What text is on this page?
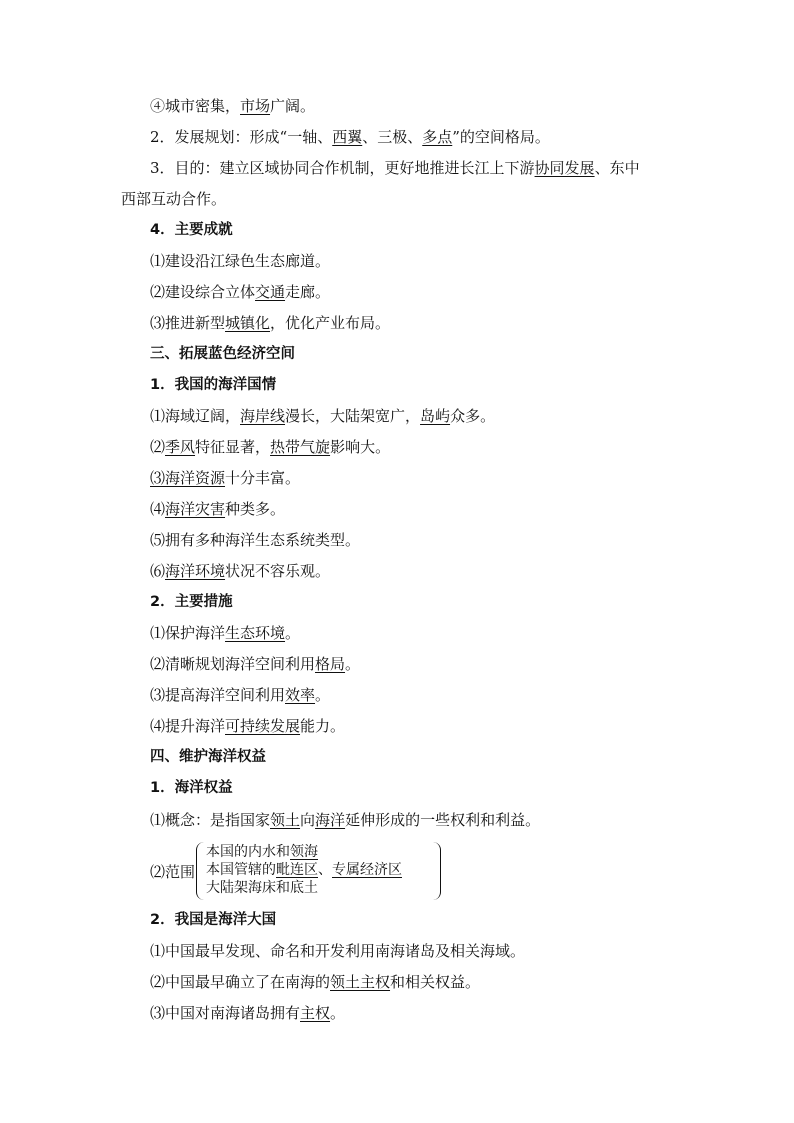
④城市密集，市场广阔。
2．发展规划：形成“一轴、西翼、三极、多点”的空间格局。
3．目的：建立区域协同合作机制，更好地推进长江上下游协同发展、东中
西部互动合作。
4．主要成就
⑴建设沿江绿色生态廊道。
⑵建设综合立体交通走廊。
⑶推进新型城镇化，优化产业布局。
三、拓展蓝色经济空间
1．我国的海洋国情
⑴海域辽阔，海岸线漫长，大陆架宽广，岛屿众多。
⑵季风特征显著，热带气旋影响大。
⑶海洋资源十分丰富。
⑷海洋灾害种类多。
⑸拥有多种海洋生态系统类型。
⑹海洋环境状况不容乐观。
2．主要措施
⑴保护海洋生态环境。
⑵清晰规划海洋空间利用格局。
⑶提高海洋空间利用效率。
⑷提升海洋可持续发展能力。
四、维护海洋权益
1．海洋权益
⑴概念：是指国家领土向海洋延伸形成的一些权利和利益。
⑵范围
本国的内水和领海
本国管辖的毗连区、专属经济区
大陆架海床和底土
2．我国是海洋大国
⑴中国最早发现、命名和开发利用南海诸岛及相关海域。
⑵中国最早确立了在南海的领土主权和相关权益。
⑶中国对南海诸岛拥有主权。
